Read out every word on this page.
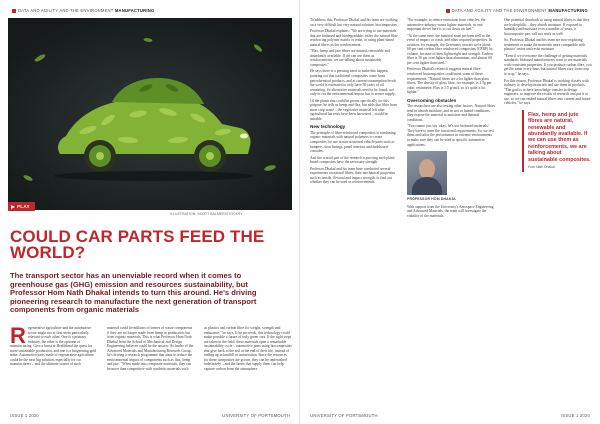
DATA AND AGILITY AND THE ENVIRONMENT MANUFACTURING
PLAY
ILLUSTRATION: SCOTT BALMER/STOCKSY
COULD CAR PARTS FEED THE WORLD?

The transport sector has an unenviable record when it comes to greenhouse gas (GHG) emission and resources sustainability, but Professor Hom Nath Dhakal intends to turn this around. He's driving pioneering research to manufacture the next generation of transport components from organic materials

Regenerative agriculture and the automotive sector might not at first seem particularly relevant to each other. One is a primary industry, the other is the epitome of manufacturing. Give a boost at Healthland the quest for more sustainable production, and one is a burgeoning gold mine. Automotive parts made of regenerative agriculture could be the next big solution, especially for car manufacturers – and the ultimate source of such

material could be millions of tonnes of waste components if they are no longer made from hemp in production, but from organic materials. This is what Professor Hom Nath Dhakal from the School of Mechanical and Design Engineering believes could be the answer. As leader of the Advanced Materials and Manufacturing Research Group, he's driving a research programme that aims to reduce the environmental impact of components such as flax, hemp and jute. "When made into composite materials, they can be more than competitive with synthetic materials such

as plastics and carbon fibre for weight, strength and endurance," he says. If he succeeds, this technology could make possible a future of truly green cars. If the right steps are taken in the field, these materials open a remarkable sustainability cycle – automotive parts using biocomposites that give back to the soil at the end of their life, instead of ending up in landfill or incineration. Since the resources for these composites are grown, they can be replenished indefinitely – and the farms that supply them can help capture carbon from the atmosphere.

ISSUE 1 2020	UNIVERSITY OF PORTSMOUTH
DATA AND AGILITY AND THE ENVIRONMENT MANUFACTURING

To address this, Professor Dhakal and his team are working on a very difficult but very natural solution: biocomposites.

Professor Dhakal explains: "We are trying to use materials that are biobased and biodegradable, either the natural fibre reinforcing polymer matrix or resin, or using plant-based natural fibres as the reinforcement.

"Flax, hemp and jute fibres are natural, renewable and abundantly available. If we can use them as reinforcements, we are talking about sustainable composites."

He says there is a pressing need to make this happen, pointing out that traditional composites come from petrochemical products, and at current consumption levels the world is estimated to only have 50 years of oil remaining. So alternative materials need to be found, not only to cut the environmental impact but to secure supply.

Of the plants that could be grown specifically for this purpose, he tells us hemp and flax, but adds that fibre from most crop waste – the vegetative material left after agricultural harvests have been harvested – would be suitable.

New technology

The principle of fibre-reinforced composites is combining organic materials with natural polymers to create composites for use in non-structural vehicle parts such as bumpers, door linings, panel interiors and dashboard consoles.

And the crucial part of the research is proving such plant-based composites have the necessary strength.

Professor Dhakal and his team have conducted several experiments on natural fibres, their mechanical properties such as tensile, flexural and impact strength, to find out whether they can be used as reinforcements.

"For example, to reduce emissions from vehicles, the automotive industry wants lighter materials, so one important driver here is to cut down on fuel."

"At the same time, the material must perform well in the event of impact or crash, and other required properties. In aviation, for example, the Greenneer aircraft we're about 60 per cent carbon fibre reinforced composites (CFRP) by volume, because of their lightweight and strength. Carbon fibre is 30 per cent lighter than aluminium, and almost 60 per cent lighter than steel."

Professor Dhakal's research suggests natural fibre-reinforced biocomposites could meet some of these requirements. "Natural fibres are a lot lighter than glass fibres. The density of glass fibre, for example, is 2.5g per cubic centimetre. Flax is 1.5 g/cm3, so it's quite a lot lighter."

Overcoming obstacles

The researchers are also testing other factors. Natural fibres tend to absorb moisture, and in wet or humid conditions, they expose the material to moisture and thermal conditions.

"You cannot just say 'okay, let's use biobased materials'. They have to meet the functional requirements. So, we test them and tailor the performance in extreme environments to make sure they can be used in specific automotive applications.

PROFESSOR HOM DHAKAL

With support from the University's Aerospace Engineering and Advanced Materials, the team will investigate the viability of the materials.

One potential drawback to using natural fibres is that they are hydrophilic – they absorb moisture. If exposed to humidity and moisture over a number of years, a biocomposite part will not work as well.

So, Professor Dhakal and his team are now exploring treatments to make the materials more compatible with plastics' resins and resist moisture.

"Even if we overcome the challenge of getting materials standards, biobased manufacturers want to see materials with consistent properties. If you produce carbon fibre, you get the same every time, but natural fibres vary from crop to crop," he says.

For this reason, Professor Dhakal is working closely with industry to develop materials and use them in products. "The goal is to have knowledge transfer to design engineers, to improve the results of research and put it to use, so we can embed natural fibres into current and future vehicles," he says.

Flax, hemp and jute fibres are natural, renewable and abundantly available. If we can use them as reinforcements, we are talking about sustainable composites.
Hom Nath Dhakal
UNIVERSITY OF PORTSMOUTH	ISSUE 1 2020
